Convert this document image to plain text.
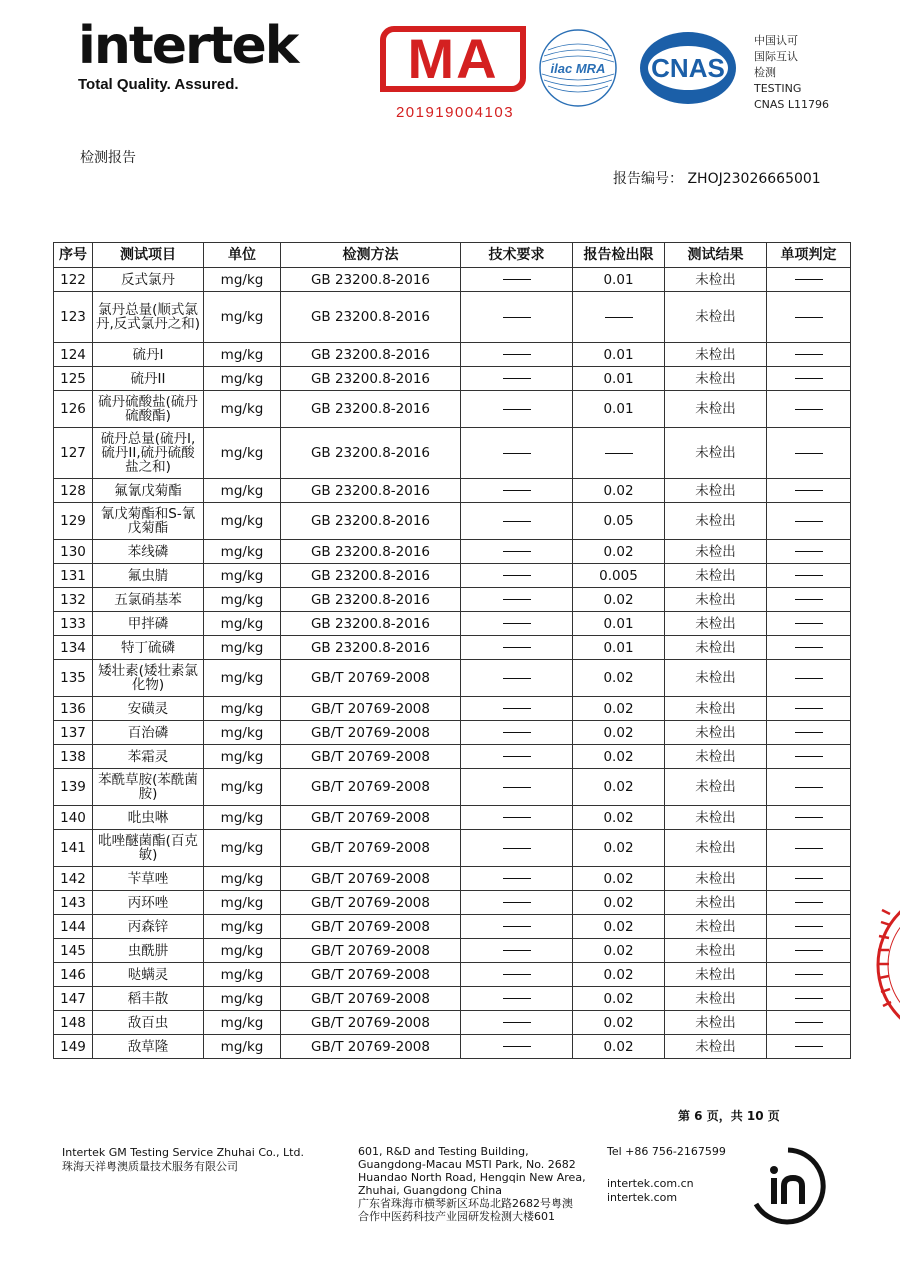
intertek
Total Quality. Assured.	MA
201919004103
ilac MRA CNAS
中国认可
国际互认
检测
TESTING
CNAS L11796
检测报告
报告编号： ZHOJ23026665001
序号	测试项目	单位	检测方法	技术要求	报告检出限	测试结果	单项判定
122	反式氯丹	mg/kg	GB 23200.8-2016		0.01	未检出	
123	氯丹总量(顺式氯丹,反式氯丹之和)	mg/kg	GB 23200.8-2016			未检出	
124	硫丹I	mg/kg	GB 23200.8-2016		0.01	未检出	
125	硫丹II	mg/kg	GB 23200.8-2016		0.01	未检出	
126	硫丹硫酸盐(硫丹硫酸酯)	mg/kg	GB 23200.8-2016		0.01	未检出	
127	硫丹总量(硫丹I,硫丹II,硫丹硫酸盐之和)	mg/kg	GB 23200.8-2016			未检出	
128	氟氰戊菊酯	mg/kg	GB 23200.8-2016		0.02	未检出	
129	氰戊菊酯和S-氰戊菊酯	mg/kg	GB 23200.8-2016		0.05	未检出	
130	苯线磷	mg/kg	GB 23200.8-2016		0.02	未检出	
131	氟虫腈	mg/kg	GB 23200.8-2016		0.005	未检出	
132	五氯硝基苯	mg/kg	GB 23200.8-2016		0.02	未检出	
133	甲拌磷	mg/kg	GB 23200.8-2016		0.01	未检出	
134	特丁硫磷	mg/kg	GB 23200.8-2016		0.01	未检出	
135	矮壮素(矮壮素氯化物)	mg/kg	GB/T 20769-2008		0.02	未检出	
136	安磺灵	mg/kg	GB/T 20769-2008		0.02	未检出	
137	百治磷	mg/kg	GB/T 20769-2008		0.02	未检出	
138	苯霜灵	mg/kg	GB/T 20769-2008		0.02	未检出	
139	苯酰草胺(苯酰菌胺)	mg/kg	GB/T 20769-2008		0.02	未检出	
140	吡虫啉	mg/kg	GB/T 20769-2008		0.02	未检出	
141	吡唑醚菌酯(百克敏)	mg/kg	GB/T 20769-2008		0.02	未检出	
142	苄草唑	mg/kg	GB/T 20769-2008		0.02	未检出	
143	丙环唑	mg/kg	GB/T 20769-2008		0.02	未检出	
144	丙森锌	mg/kg	GB/T 20769-2008		0.02	未检出	
145	虫酰肼	mg/kg	GB/T 20769-2008		0.02	未检出	
146	哒螨灵	mg/kg	GB/T 20769-2008		0.02	未检出	
147	稻丰散	mg/kg	GB/T 20769-2008		0.02	未检出	
148	敌百虫	mg/kg	GB/T 20769-2008		0.02	未检出	
149	敌草隆	mg/kg	GB/T 20769-2008		0.02	未检出	
第 6 页，共 10 页
Intertek GM Testing Service Zhuhai Co., Ltd.
珠海天祥粤澳质量技术服务有限公司
601, R&D and Testing Building,
Guangdong-Macau MSTI Park, No. 2682
Huandao North Road, Hengqin New Area,
Zhuhai, Guangdong China
广东省珠海市横琴新区环岛北路2682号粤澳
合作中医药科技产业园研发检测大楼601
Tel +86 756-2167599
intertek.com.cn
intertek.com
